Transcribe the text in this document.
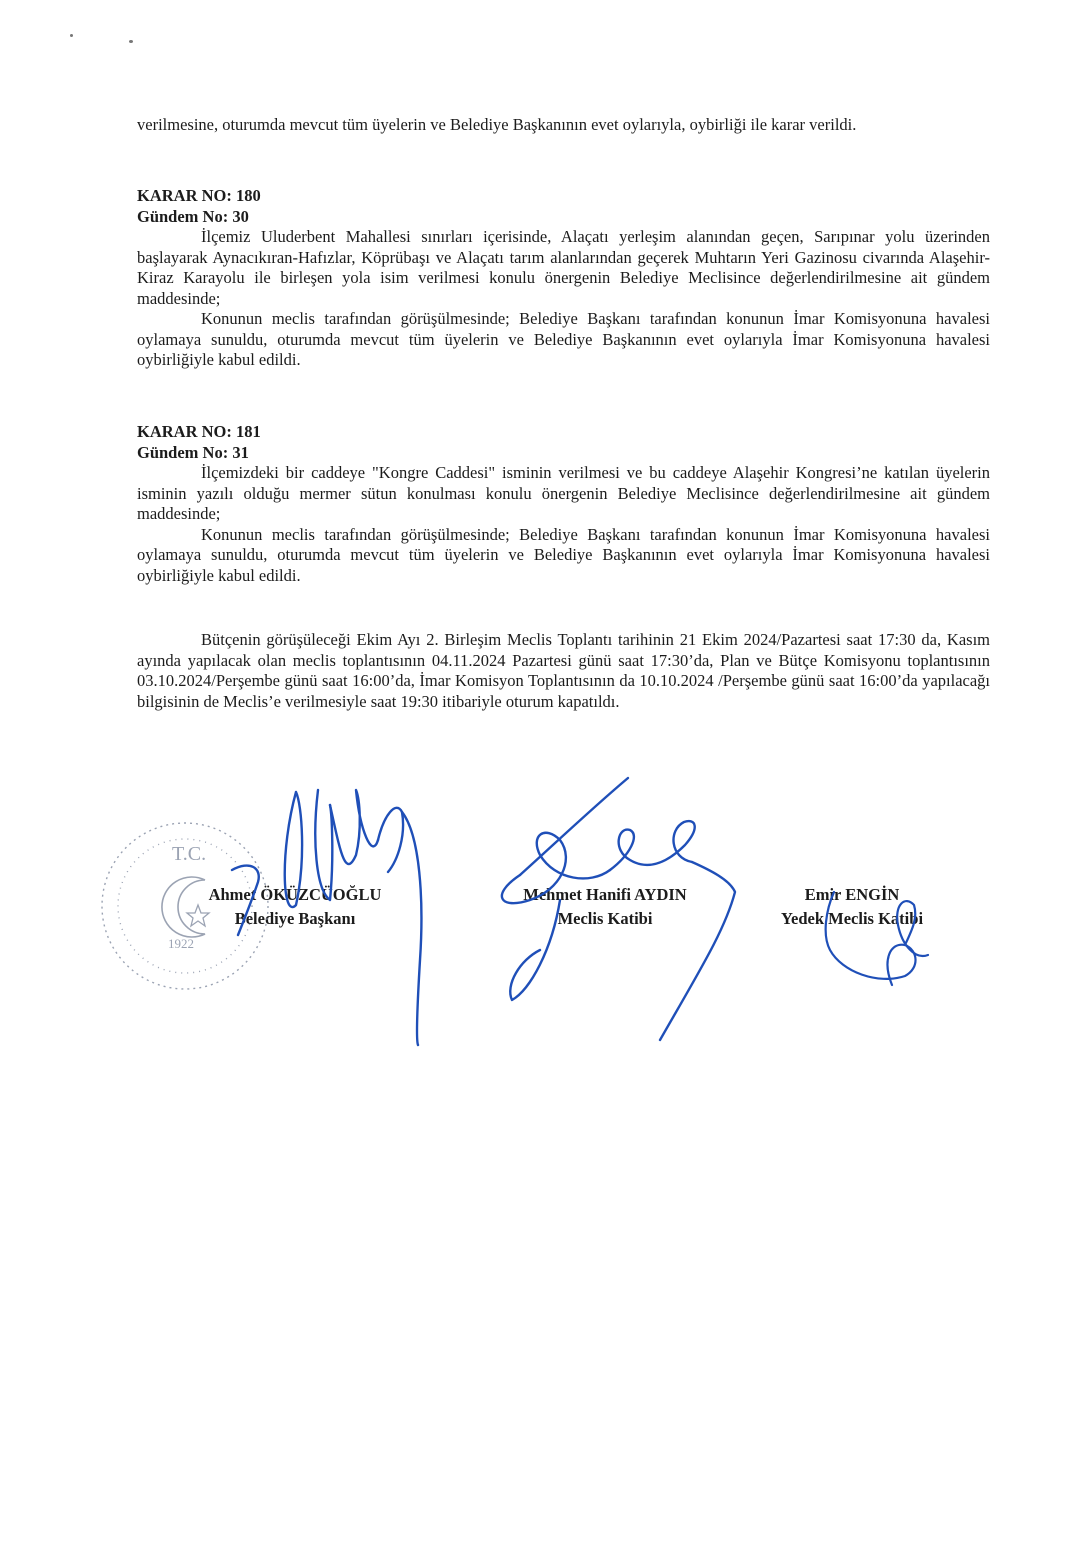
verilmesine, oturumda mevcut tüm üyelerin ve Belediye Başkanının evet oylarıyla, oybirliği ile karar verildi.

KARAR NO: 180

Gündem No: 30

İlçemiz Uluderbent Mahallesi sınırları içerisinde, Alaçatı yerleşim alanından geçen, Sarıpınar yolu üzerinden başlayarak Aynacıkıran-Hafızlar, Köprübaşı ve Alaçatı tarım alanlarından geçerek Muhtarın Yeri Gazinosu civarında Alaşehir-Kiraz Karayolu ile birleşen yola isim verilmesi konulu önergenin Belediye Meclisince değerlendirilmesine ait gündem maddesinde;

Konunun meclis tarafından görüşülmesinde; Belediye Başkanı tarafından konunun İmar Komisyonuna havalesi oylamaya sunuldu, oturumda mevcut tüm üyelerin ve Belediye Başkanının evet oylarıyla İmar Komisyonuna havalesi oybirliğiyle kabul edildi.

KARAR NO: 181

Gündem No: 31

İlçemizdeki bir caddeye "Kongre Caddesi" isminin verilmesi ve bu caddeye Alaşehir Kongresi’ne katılan üyelerin isminin yazılı olduğu mermer sütun konulması konulu önergenin Belediye Meclisince değerlendirilmesine ait gündem maddesinde;

Konunun meclis tarafından görüşülmesinde; Belediye Başkanı tarafından konunun İmar Komisyonuna havalesi oylamaya sunuldu, oturumda mevcut tüm üyelerin ve Belediye Başkanının evet oylarıyla İmar Komisyonuna havalesi oybirliğiyle kabul edildi.

Bütçenin görüşüleceği Ekim Ayı 2. Birleşim Meclis Toplantı tarihinin 21 Ekim 2024/Pazartesi saat 17:30 da, Kasım ayında yapılacak olan meclis toplantısının 04.11.2024 Pazartesi günü saat 17:30’da, Plan ve Bütçe Komisyonu toplantısının 03.10.2024/Perşembe günü saat 16:00’da, İmar Komisyon Toplantısının da 10.10.2024 /Perşembe günü saat 16:00’da yapılacağı bilgisinin de Meclis’e verilmesiyle saat 19:30 itibariyle oturum kapatıldı.

Ahmet ÖKÜZCÜOĞLU
Belediye Başkanı
Mehmet Hanifi AYDIN
Meclis Katibi
Emir ENGİN
Yedek Meclis Katibi
T.C.
1922
